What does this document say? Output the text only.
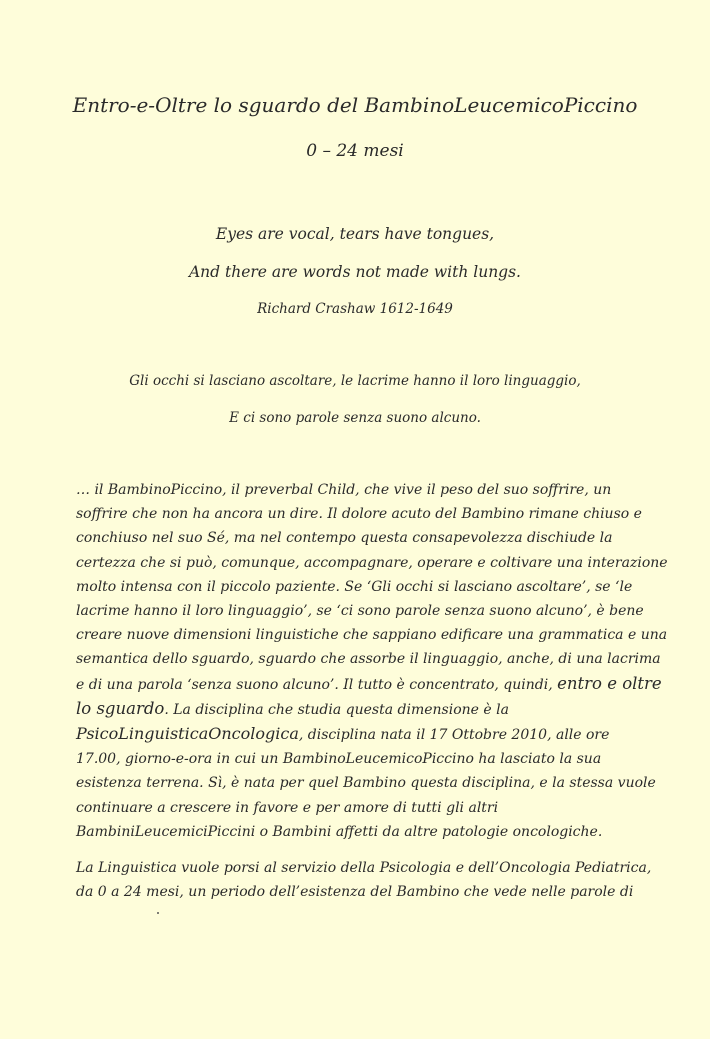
Entro-e-Oltre lo sguardo del BambinoLeucemicoPiccino
0 – 24 mesi
Eyes are vocal, tears have tongues,
And there are words not made with lungs.
Richard Crashaw 1612-1649
Gli occhi si lasciano ascoltare, le lacrime hanno il loro linguaggio,
E ci sono parole senza suono alcuno.
… il BambinoPiccino, il preverbal Child, che vive il peso del suo soffrire, un
soffrire che non ha ancora un dire. Il dolore acuto del Bambino rimane chiuso e
conchiuso nel suo Sé, ma nel contempo questa consapevolezza dischiude la
certezza che si può, comunque, accompagnare, operare e coltivare una interazione
molto intensa con il piccolo paziente. Se ‘Gli occhi si lasciano ascoltare’, se ‘le
lacrime hanno il loro linguaggio’, se ‘ci sono parole senza suono alcuno’, è bene
creare nuove dimensioni linguistiche che sappiano edificare una grammatica e una
semantica dello sguardo, sguardo che assorbe il linguaggio, anche, di una lacrima
e di una parola ‘senza suono alcuno’. Il tutto è concentrato, quindi, entro e oltre
lo sguardo. La disciplina che studia questa dimensione è la
PsicoLinguisticaOncologica, disciplina nata il 17 Ottobre 2010, alle ore
17.00, giorno-e-ora in cui un BambinoLeucemicoPiccino ha lasciato la sua
esistenza terrena. Sì, è nata per quel Bambino questa disciplina, e la stessa vuole
continuare a crescere in favore e per amore di tutti gli altri
BambiniLeucemiciPiccini o Bambini affetti da altre patologie oncologiche.
La Linguistica vuole porsi al servizio della Psicologia e dell’Oncologia Pediatrica,
da 0 a 24 mesi, un periodo dell’esistenza del Bambino che vede nelle parole di
